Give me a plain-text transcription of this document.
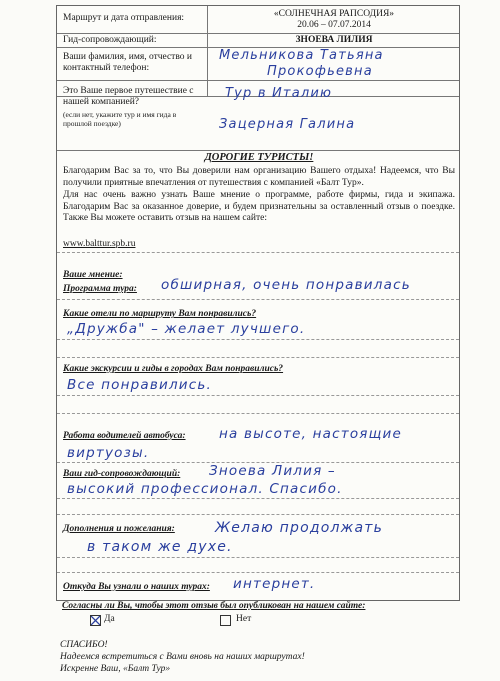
Маршрут и дата отправления:	«СОЛНЕЧНАЯ РАПСОДИЯ»
20.06 – 07.07.2014
Гид-сопровождающий:	ЗНОЕВА ЛИЛИЯ
Ваши фамилия, имя, отчество и контактный телефон:
Мельникова Татьяна
Прокофьевна
Это Ваше первое путешествие с нашей компанией?
(если нет, укажите тур и имя гида в прошлой поездке)
Тур в Италию
Зацерная Галина
ДОРОГИЕ ТУРИСТЫ!
Благодарим Вас за то, что Вы доверили нам организацию Вашего отдыха! Надеемся, что Вы получили приятные впечатления от путешествия с компанией «Балт Тур».
Для нас очень важно узнать Ваше мнение о программе, работе фирмы, гида и экипажа. Благодарим Вас за оказанное доверие, и будем признательны за оставленный отзыв о поездке. Также Вы можете оставить отзыв на нашем сайте:
www.balttur.spb.ru
Ваше мнение:
Программа тура: обширная, очень понравилась
Какие отели по маршруту Вам понравились?
„Дружба" – желает лучшего.
Какие экскурсии и гиды в городах Вам понравились?
Все понравились.
Работа водителей автобуса: на высоте, настоящие
виртуозы.
Ваш гид-сопровождающий: Зноева Лилия –
высокий профессионал. Спасибо.
Дополнения и пожелания:	Желаю продолжать
в таком же духе.
Откуда Вы узнали о наших турах: интернет.
Согласны ли Вы, чтобы этот отзыв был опубликован на нашем сайте:
Да	Нет
СПАСИБО!
Надеемся встретиться с Вами вновь на наших маршрутах!
Искренне Ваш, «Балт Тур»
